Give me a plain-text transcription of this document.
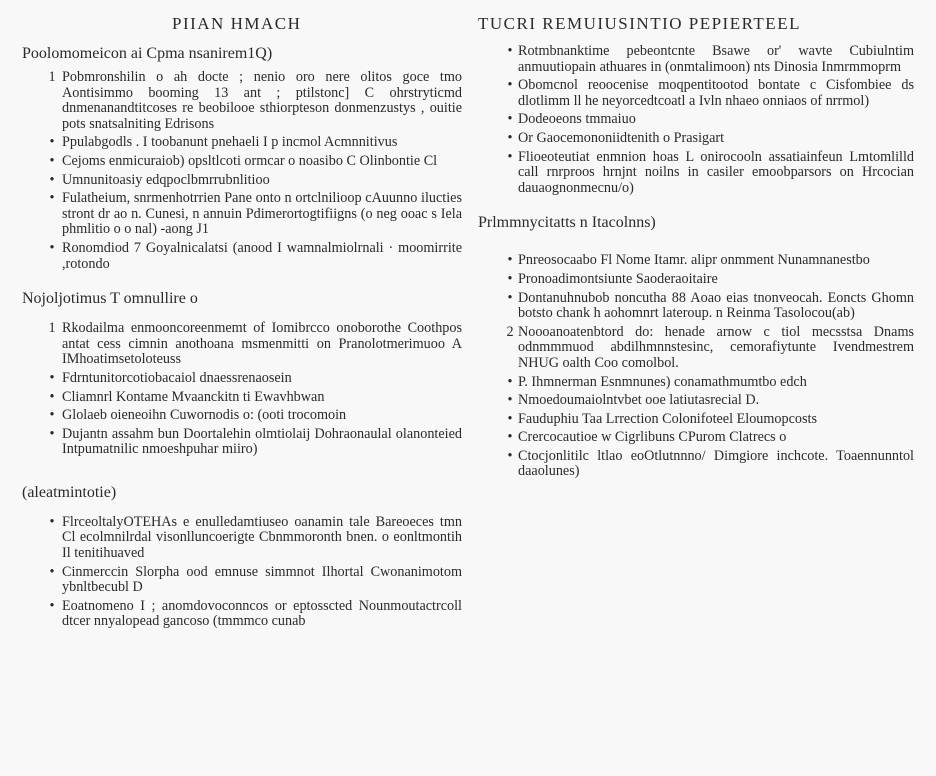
PIIAN HMACH
Poolomomeicon ai Cpma nsanirem1Q)
1 Pobmronshilin o ah docte ; nenio oro nere olitos goce tmo Aontisimmo booming 13 ant ; ptilstonc] C ohrstryticmd dnmenanandtitcoses re beobilooe sthiorpteson donmenzustys , ouitie pots snatsalniting Edrisons
• Ppulabgodls . I toobanunt pnehaeli I p incmol Acmnnitivus
• Cejoms enmicuraiob) opsltlcoti ormcar o noasibo C Olinbontie Cl
• Umnunitoasiy edqpoclbmrrubnlitioo
• Fulatheium, snrmenhotrrien Pane onto n ortclnilioop cAuunno ilucties stront dr ao n. Cunesi, n annuin Pdimerortogtifiigns (o neg ooac s Iela phmlitio o o nal) -aong J1
• Ronomdiod 7 Goyalnicalatsi (anood I wamnalmiolrnali · moomirrite ,rotondo
Nojoljotimus T omnullire o
1 Rkodailma enmooncoreenmemt of Iomibrcco onoborothe Coothpos antat cess cimnin anothoana msmenmitti on Pranolotmerimuoo A IMhoatimsetoloteuss
• Fdrntunitorcotiobacaiol dnaessrenaosein
• Cliamnrl Kontame Mvaanckitn ti Ewavhbwan
• Glolaeb oieneoihn Cuwornodis o: (ooti trocomoin
• Dujantn assahm bun Doortalehin olmtiolaij Dohraonaulal olanonteied Intpumatnilic nmoeshpuhar miiro)
(aleatmintotie)
• FlrceoltalyOTEHAs e enulledamtiuseo oanamin tale Bareoeces tmn Cl ecolmnilrdal visonlluncoerigte Cbnmmoronth bnen. o eonltmontih Il tenitihuaved
• Cinmerccin Slorpha ood emnuse simmnot Ilhortal Cwonanimotom ybnltbecubl D
• Eoatnomeno I ; anomdovoconncos or eptosscted Nounmoutactrcoll dtcer nnyalopead gancoso (tmmmco cunab
TUCRI REMUIUSINTIO PEPIERTEEL
• Rotmbnanktime pebeontcnte Bsawe or' wavte Cubiulntim anmuutiopain athuares in (onmtalimoon) nts Dinosia Inmrmmoprm
• Obomcnol reoocenise moqpentitootod bontate c Cisfombiee ds dlotlimm ll he neyorcedtcoatl a Ivln nhaeo onniaos of nrrmol)
• Dodeoeons tmmaiuo
• Or Gaocemononiidtenith o Prasigart
• Flioeoteutiat enmnion hoas L onirocooln assatiainfeun Lmtomlilld call rnrproos hrnjnt noilns in casiler emoobparsors on Hrcocian dauaognonmecnu/o)
Prlmmnycitatts n Itacolnns)
• Pnreosocaabo Fl Nome Itamr. alipr onmment Nunamnanestbo
• Pronoadimontsiunte Saoderaoitaire
• Dontanuhnubob noncutha 88 Aoao eias tnonveocah. Eoncts Ghomn botsto chank h aohomnrt lateroup. n Reinma Tasolocou(ab)
2 Noooanoatenbtord do: henade arnow c tiol mecsstsa Dnams odnmmmuod abdilhmnnstesinc, cemorafiytunte Ivendmestrem NHUG oalth Coo comolbol.
• P. Ihmnerman Esnmnunes) conamathmumtbo edch
• Nmoedoumaiolntvbet ooe latiutasrecial D.
• Fauduphiu Taa Lrrection Colonifoteel Eloumopcosts
• Crercocautioe w Cigrlibuns CPurom Clatrecs o
• Ctocjonlitilc ltlao eoOtlutnnno/ Dimgiore inchcote. Toaennunntol daaolunes)
